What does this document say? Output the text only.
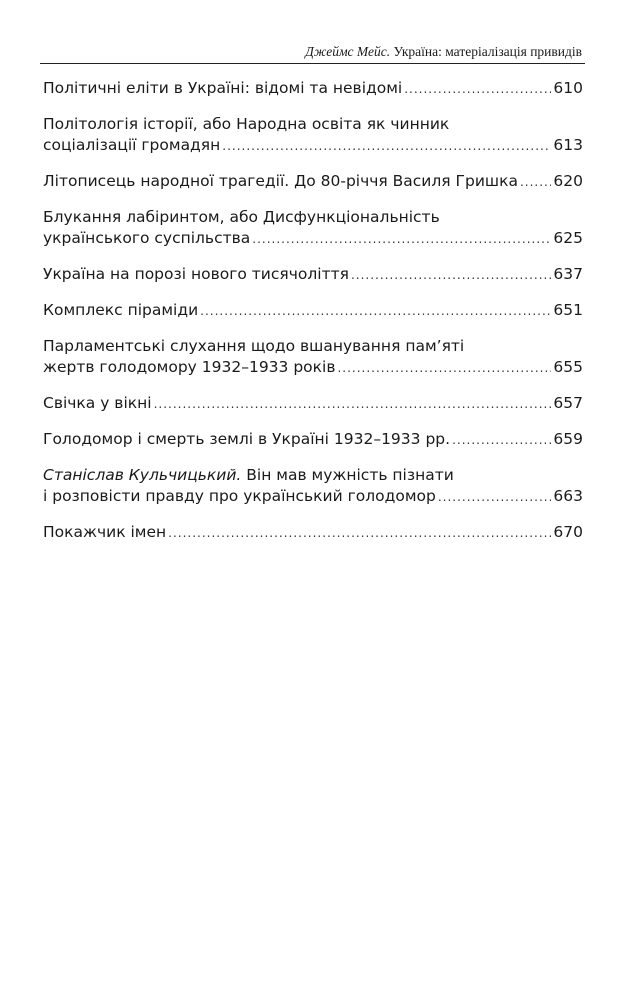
Джеймс Мейс. Україна: матеріалізація привидів
Політичні еліти в Україні: відомі та невідомі .....	610
Політологія історії, або Народна освіта як чинник
соціалізації громадян .....	613
Літописець народної трагедії. До 80-річчя Василя Гришка ..... 620
Блукання лабіринтом, або Дисфункціональність
українського суспільства .....	625
Україна на порозі нового тисячоліття .....	637
Комплекс піраміди .....	651
Парламентські слухання щодо вшанування пам’яті
жертв голодомору 1932–1933 років .....	655
Свічка у вікні .....	657
Голодомор і смерть землі в Україні 1932–1933 рр. .....	659
Станіслав Кульчицький. Він мав мужність пізнати
і розповісти правду про український голодомор .....	663
Покажчик імен .....	670
